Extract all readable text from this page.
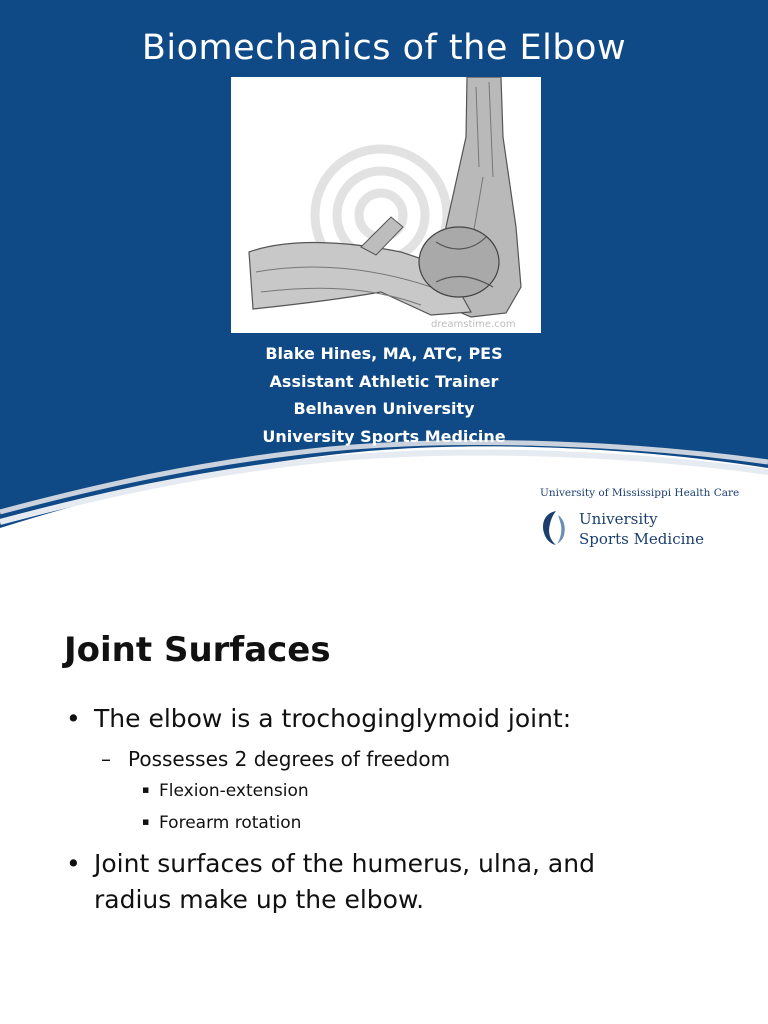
Biomechanics of the Elbow
dreamstime.com
Blake Hines, MA, ATC, PES
Assistant Athletic Trainer
Belhaven University
University Sports Medicine
University of Mississippi Health Care
University
Sports Medicine
Joint Surfaces
• The elbow is a trochoginglymoid joint:
– Possesses 2 degrees of freedom
▪ Flexion-extension
▪ Forearm rotation
• Joint surfaces of the humerus, ulna, and
radius make up the elbow.
